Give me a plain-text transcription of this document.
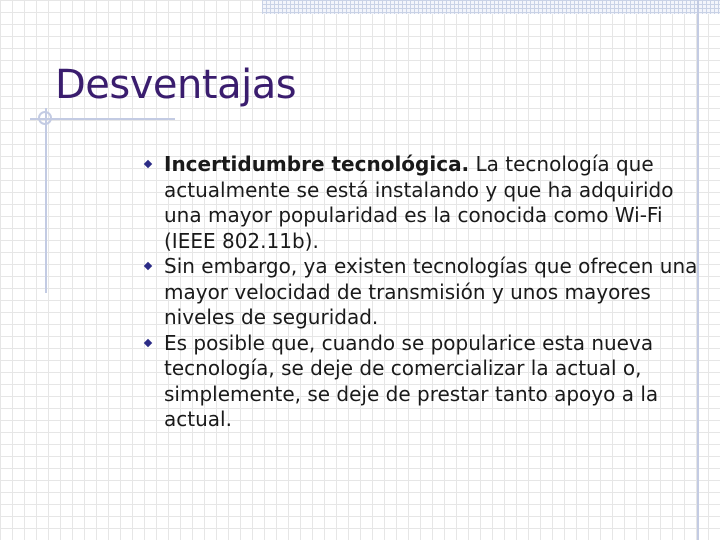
Desventajas
Incertidumbre tecnológica. La tecnología que actualmente se está instalando y que ha adquirido una mayor popularidad es la conocida como Wi-Fi (IEEE 802.11b).
Sin embargo, ya existen tecnologías que ofrecen una mayor velocidad de transmisión y unos mayores niveles de seguridad.
Es posible que, cuando se popularice esta nueva tecnología, se deje de comercializar la actual o, simplemente, se deje de prestar tanto apoyo a la actual.
